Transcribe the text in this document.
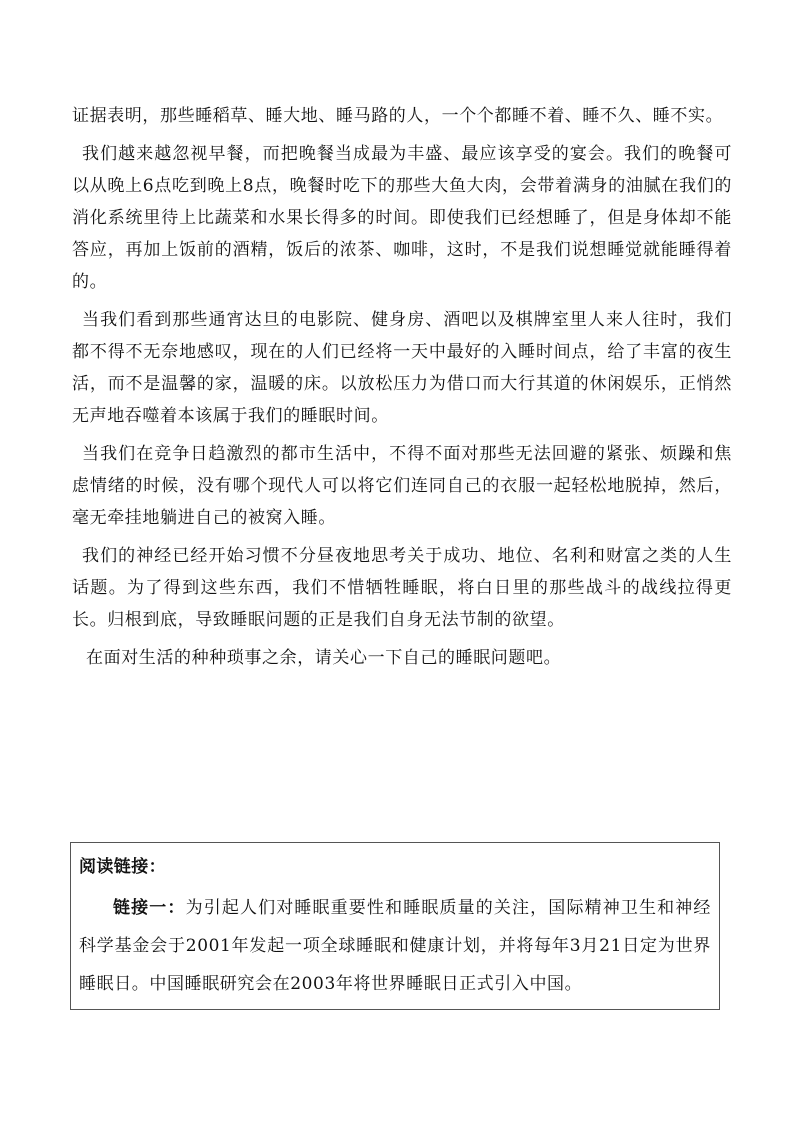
证据表明，那些睡稻草、睡大地、睡马路的人，一个个都睡不着、睡不久、睡不实。

我们越来越忽视早餐，而把晚餐当成最为丰盛、最应该享受的宴会。我们的晚餐可以从晚上6点吃到晚上8点，晚餐时吃下的那些大鱼大肉，会带着满身的油腻在我们的消化系统里待上比蔬菜和水果长得多的时间。即使我们已经想睡了，但是身体却不能答应，再加上饭前的酒精，饭后的浓茶、咖啡，这时，不是我们说想睡觉就能睡得着的。

当我们看到那些通宵达旦的电影院、健身房、酒吧以及棋牌室里人来人往时，我们都不得不无奈地感叹，现在的人们已经将一天中最好的入睡时间点，给了丰富的夜生活，而不是温馨的家，温暖的床。以放松压力为借口而大行其道的休闲娱乐，正悄然无声地吞噬着本该属于我们的睡眠时间。

当我们在竞争日趋激烈的都市生活中，不得不面对那些无法回避的紧张、烦躁和焦虑情绪的时候，没有哪个现代人可以将它们连同自己的衣服一起轻松地脱掉，然后，毫无牵挂地躺进自己的被窝入睡。

我们的神经已经开始习惯不分昼夜地思考关于成功、地位、名利和财富之类的人生话题。为了得到这些东西，我们不惜牺牲睡眠，将白日里的那些战斗的战线拉得更长。归根到底，导致睡眠问题的正是我们自身无法节制的欲望。

在面对生活的种种琐事之余，请关心一下自己的睡眠问题吧。

阅读链接：

链接一：为引起人们对睡眠重要性和睡眠质量的关注，国际精神卫生和神经科学基金会于2001年发起一项全球睡眠和健康计划，并将每年3月21日定为世界睡眠日。中国睡眠研究会在2003年将世界睡眠日正式引入中国。
